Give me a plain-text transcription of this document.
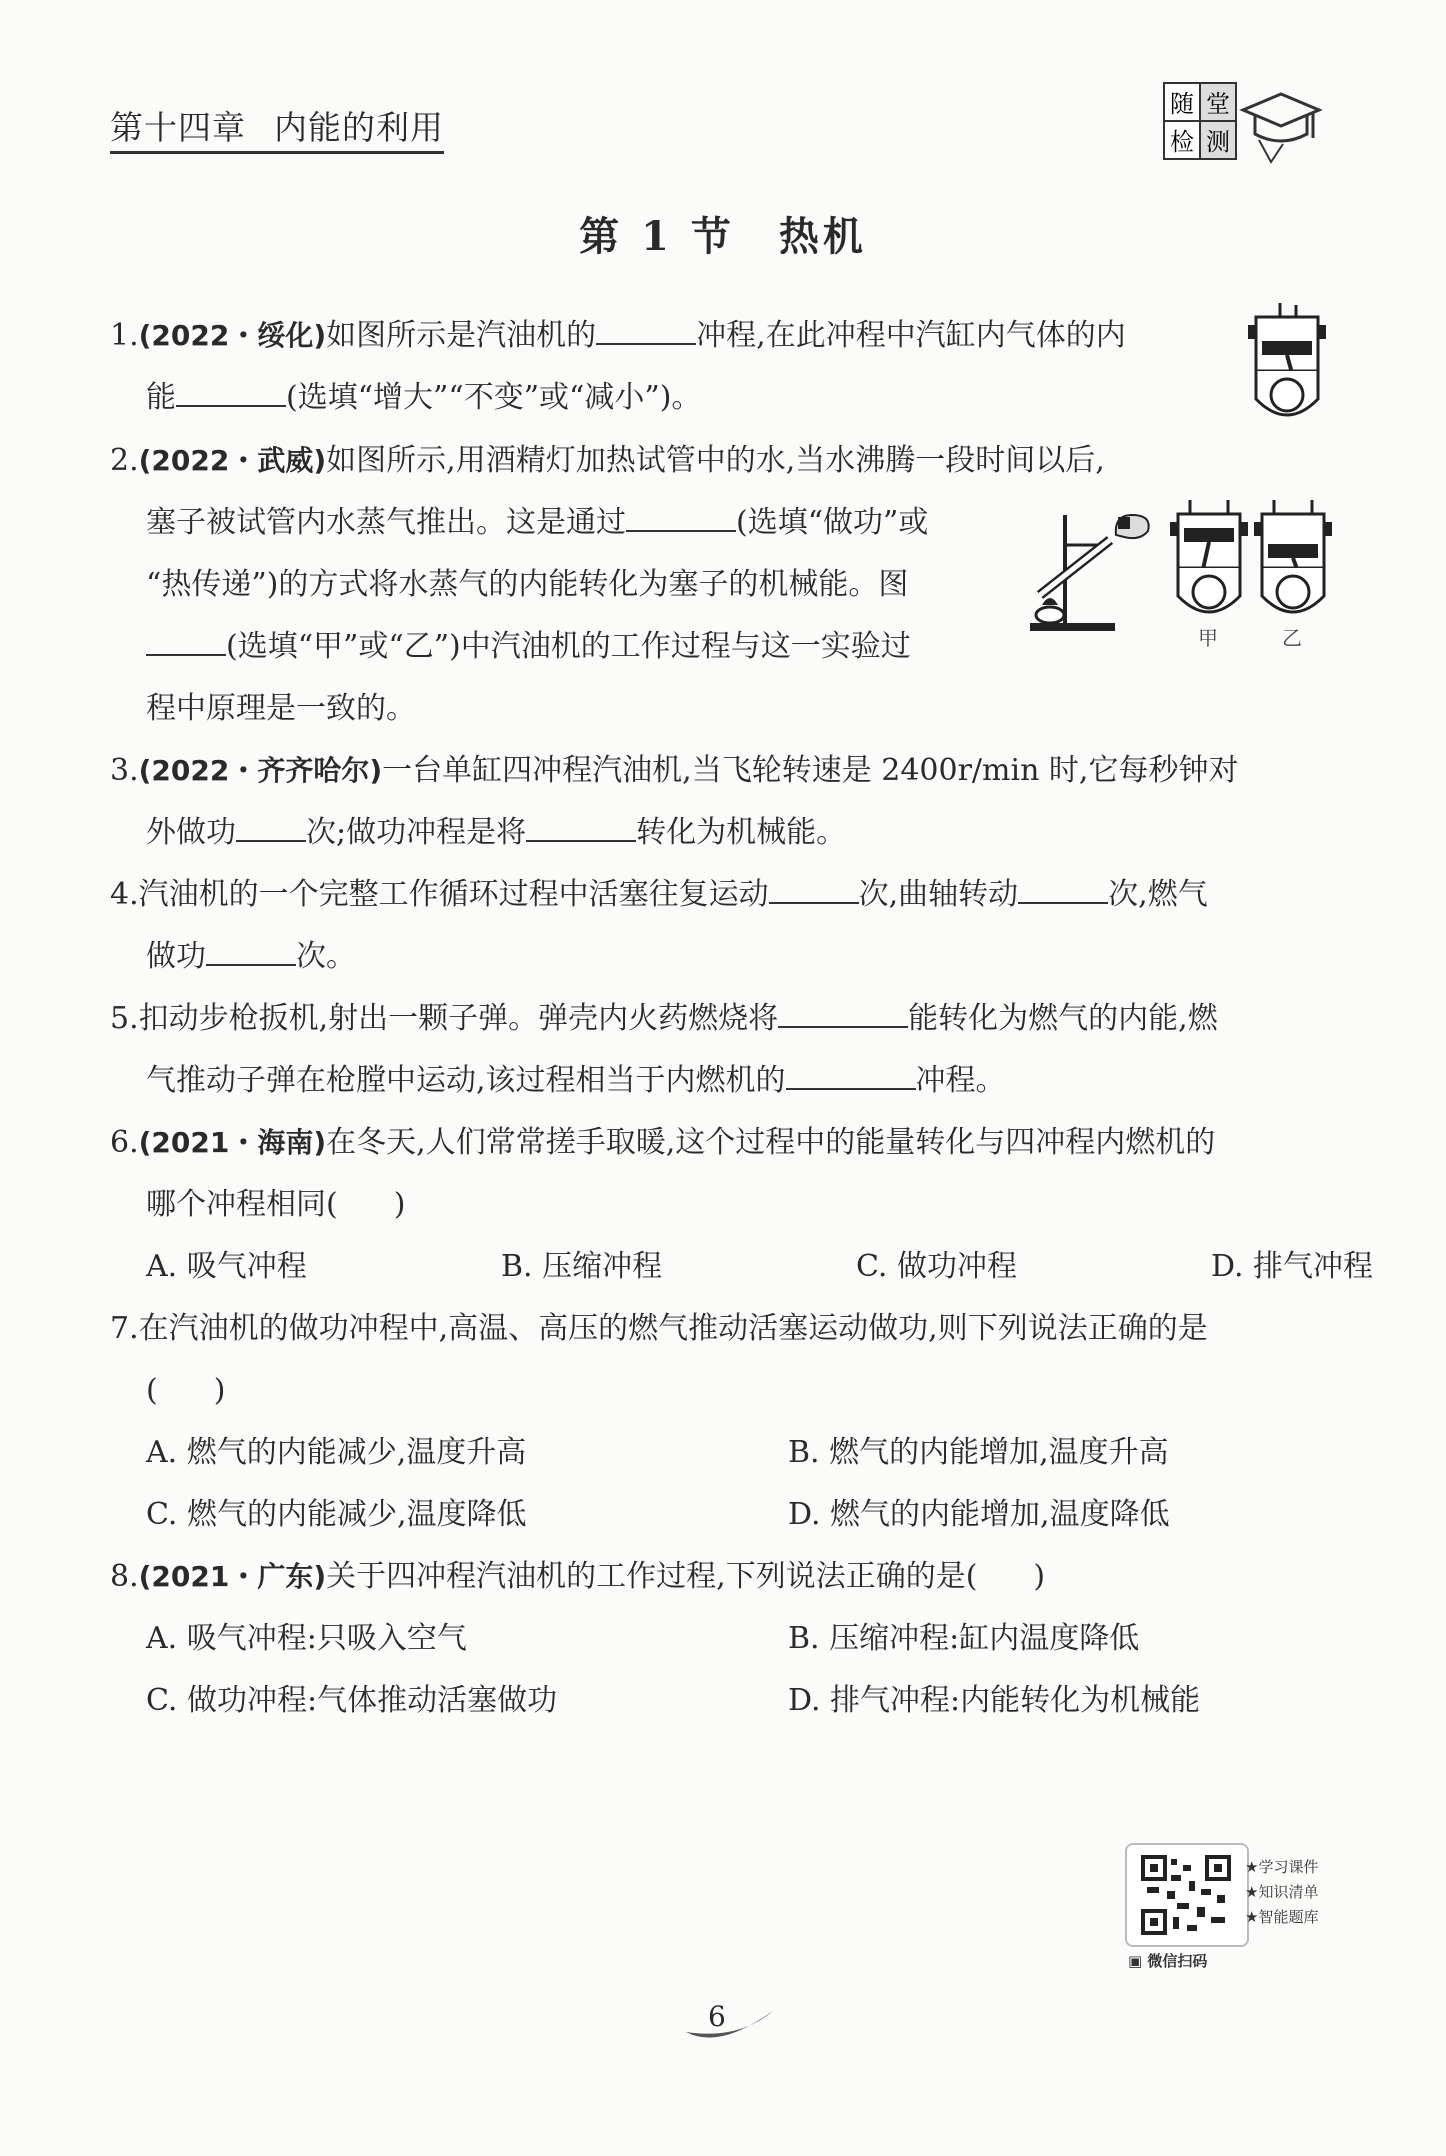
第十四章 内能的利用
随 堂
检 测
第 1 节　热机
1.(2022・绥化)如图所示是汽油机的	冲程,在此冲程中汽缸内气体的内
能	(选填“增大”“不变”或“减小”)。
2.(2022・武威)如图所示,用酒精灯加热试管中的水,当水沸腾一段时间以后,
塞子被试管内水蒸气推出。这是通过	(选填“做功”或
“热传递”)的方式将水蒸气的内能转化为塞子的机械能。图
(选填“甲”或“乙”)中汽油机的工作过程与这一实验过
程中原理是一致的。
甲	乙
3.(2022・齐齐哈尔)一台单缸四冲程汽油机,当飞轮转速是 2400r/min 时,它每秒钟对
外做功 次;做功冲程是将	转化为机械能。
4.汽油机的一个完整工作循环过程中活塞往复运动	次,曲轴转动	次,燃气
做功	次。
5.扣动步枪扳机,射出一颗子弹。弹壳内火药燃烧将	能转化为燃气的内能,燃
气推动子弹在枪膛中运动,该过程相当于内燃机的	冲程。
6.(2021・海南)在冬天,人们常常搓手取暖,这个过程中的能量转化与四冲程内燃机的
哪个冲程相同( )
A. 吸气冲程	B. 压缩冲程	C. 做功冲程	D. 排气冲程
7.在汽油机的做功冲程中,高温、高压的燃气推动活塞运动做功,则下列说法正确的是
( )
A. 燃气的内能减少,温度升高	B. 燃气的内能增加,温度升高
C. 燃气的内能减少,温度降低	D. 燃气的内能增加,温度降低
8.(2021・广东)关于四冲程汽油机的工作过程,下列说法正确的是( )
A. 吸气冲程:只吸入空气	B. 压缩冲程:缸内温度降低
C. 做功冲程:气体推动活塞做功	D. 排气冲程:内能转化为机械能
★学习课件
★知识清单
★智能题库
▣ 微信扫码
6
